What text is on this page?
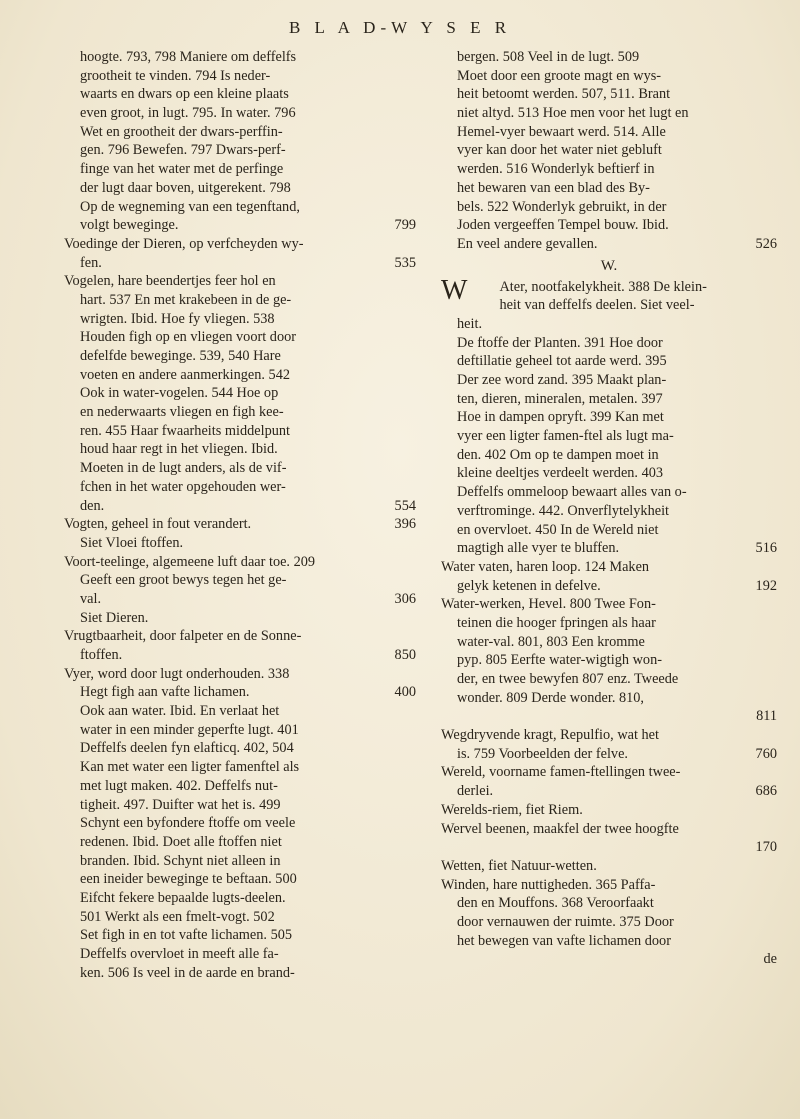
B L A D-W Y S E R
hoogte. 793, 798 Maniere om deffelfs
grootheit te vinden. 794 Is neder-
waarts en dwars op een kleine plaats
even groot, in lugt. 795. In water. 796
Wet en grootheit der dwars-perffin-
gen. 796 Bewefen. 797 Dwars-perf-
finge van het water met de perfinge
der lugt daar boven, uitgerekent. 798
Op de wegneming van een tegenftand,
799
volgt beweginge.
Voedinge der Dieren, op verfcheyden wy-
535
fen.
Vogelen, hare beendertjes feer hol en
hart. 537 En met krakebeen in de ge-
wrigten. Ibid. Hoe fy vliegen. 538
Houden figh op en vliegen voort door
defelfde beweginge. 539, 540 Hare
voeten en andere aanmerkingen. 542
Ook in water-vogelen. 544 Hoe op
en nederwaarts vliegen en figh kee-
ren. 455 Haar fwaarheits middelpunt
houd haar regt in het vliegen. Ibid.
Moeten in de lugt anders, als de vif-
fchen in het water opgehouden wer-
554
den.
396
Vogten, geheel in fout verandert.
Siet Vloei ftoffen.
Voort-teelinge, algemeene luft daar toe. 209
Geeft een groot bewys tegen het ge-
306
val.
Siet Dieren.
Vrugtbaarheit, door falpeter en de Sonne-
850
ftoffen.
Vyer, word door lugt onderhouden. 338
400
Hegt figh aan vafte lichamen.
Ook aan water. Ibid. En verlaat het
water in een minder geperfte lugt. 401
Deffelfs deelen fyn elafticq. 402, 504
Kan met water een ligter famenftel als
met lugt maken. 402. Deffelfs nut-
tigheit. 497. Duifter wat het is. 499
Schynt een byfondere ftoffe om veele
redenen. Ibid. Doet alle ftoffen niet
branden. Ibid. Schynt niet alleen in
een ineider beweginge te beftaan. 500
Eifcht fekere bepaalde lugts-deelen.
501 Werkt als een fmelt-vogt. 502
Set figh in en tot vafte lichamen. 505
Deffelfs overvloet in meeft alle fa-
ken. 506 Is veel in de aarde en brand-
bergen. 508 Veel in de lugt. 509
Moet door een groote magt en wys-
heit betoomt werden. 507, 511. Brant
niet altyd. 513 Hoe men voor het lugt en
Hemel-vyer bewaart werd. 514. Alle
vyer kan door het water niet gebluft
werden. 516 Wonderlyk beftierf in
het bewaren van een blad des By-
bels. 522 Wonderlyk gebruikt, in der
Joden vergeeffen Tempel bouw. Ibid.
526
En veel andere gevallen.
W.
W	Ater, nootfakelykheit. 388 De klein-
heit van deffelfs deelen. Siet veel-
heit.
De ftoffe der Planten. 391 Hoe door
deftillatie geheel tot aarde werd. 395
Der zee word zand. 395 Maakt plan-
ten, dieren, mineralen, metalen. 397
Hoe in dampen opryft. 399 Kan met
vyer een ligter famen-ftel als lugt ma-
den. 402 Om op te dampen moet in
kleine deeltjes verdeelt werden. 403
Deffelfs ommeloop bewaart alles van o-
verftrominge. 442. Onverflytelykheit
en overvloet. 450 In de Wereld niet
516
magtigh alle vyer te bluffen.
Water vaten, haren loop. 124 Maken
192
gelyk ketenen in defelve.
Water-werken, Hevel. 800 Twee Fon-
teinen die hooger fpringen als haar
water-val. 801, 803 Een kromme
pyp. 805 Eerfte water-wigtigh won-
der, en twee bewyfen 807 enz. Tweede
wonder. 809 Derde wonder. 810,
811
Wegdryvende kragt, Repulfio, wat het
760
is. 759 Voorbeelden der felve.
Wereld, voorname famen-ftellingen twee-
686
derlei.
Werelds-riem, fiet Riem.
Wervel beenen, maakfel der twee hoogfte
170
Wetten, fiet Natuur-wetten.
Winden, hare nuttigheden. 365 Paffa-
den en Mouffons. 368 Veroorfaakt
door vernauwen der ruimte. 375 Door
het bewegen van vafte lichamen door
de
